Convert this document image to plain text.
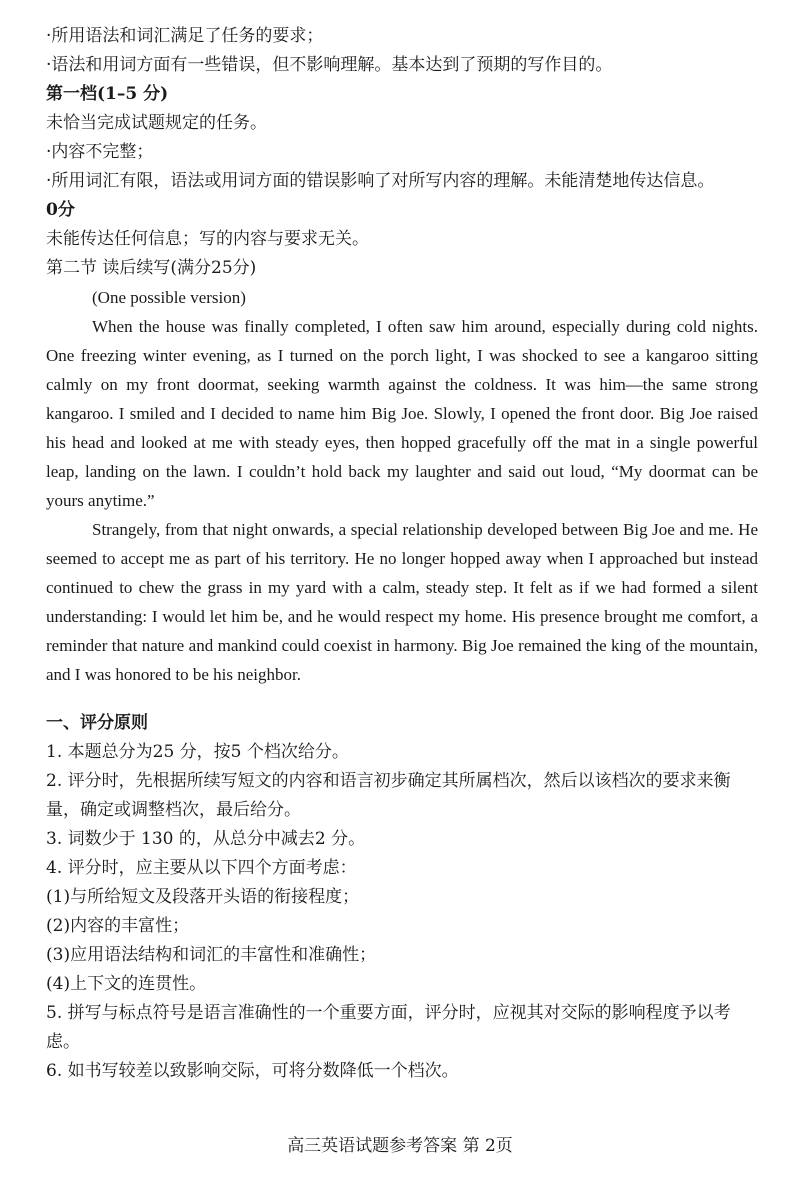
·所用语法和词汇满足了任务的要求；

·语法和用词方面有一些错误，但不影响理解。基本达到了预期的写作目的。

第一档(1–5 分)

未恰当完成试题规定的任务。

·内容不完整；

·所用词汇有限，语法或用词方面的错误影响了对所写内容的理解。未能清楚地传达信息。

0分

未能传达任何信息；写的内容与要求无关。

第二节 读后续写(满分25分)

(One possible version)

When the house was finally completed, I often saw him around, especially during cold nights. One freezing winter evening, as I turned on the porch light, I was shocked to see a kangaroo sitting calmly on my front doormat, seeking warmth against the coldness. It was him—the same strong kangaroo. I smiled and I decided to name him Big Joe. Slowly, I opened the front door. Big Joe raised his head and looked at me with steady eyes, then hopped gracefully off the mat in a single powerful leap, landing on the lawn. I couldn’t hold back my laughter and said out loud, “My doormat can be yours anytime.”

Strangely, from that night onwards, a special relationship developed between Big Joe and me. He seemed to accept me as part of his territory. He no longer hopped away when I approached but instead continued to chew the grass in my yard with a calm, steady step. It felt as if we had formed a silent understanding: I would let him be, and he would respect my home. His presence brought me comfort, a reminder that nature and mankind could coexist in harmony. Big Joe remained the king of the mountain, and I was honored to be his neighbor.

一、评分原则

1. 本题总分为25 分，按5 个档次给分。

2. 评分时，先根据所续写短文的内容和语言初步确定其所属档次，然后以该档次的要求来衡量，确定或调整档次，最后给分。

3. 词数少于 130 的，从总分中减去2 分。

4. 评分时，应主要从以下四个方面考虑：

(1)与所给短文及段落开头语的衔接程度；

(2)内容的丰富性；

(3)应用语法结构和词汇的丰富性和准确性；

(4)上下文的连贯性。

5. 拼写与标点符号是语言准确性的一个重要方面，评分时，应视其对交际的影响程度予以考虑。

6. 如书写较差以致影响交际，可将分数降低一个档次。

高三英语试题参考答案 第 2页
